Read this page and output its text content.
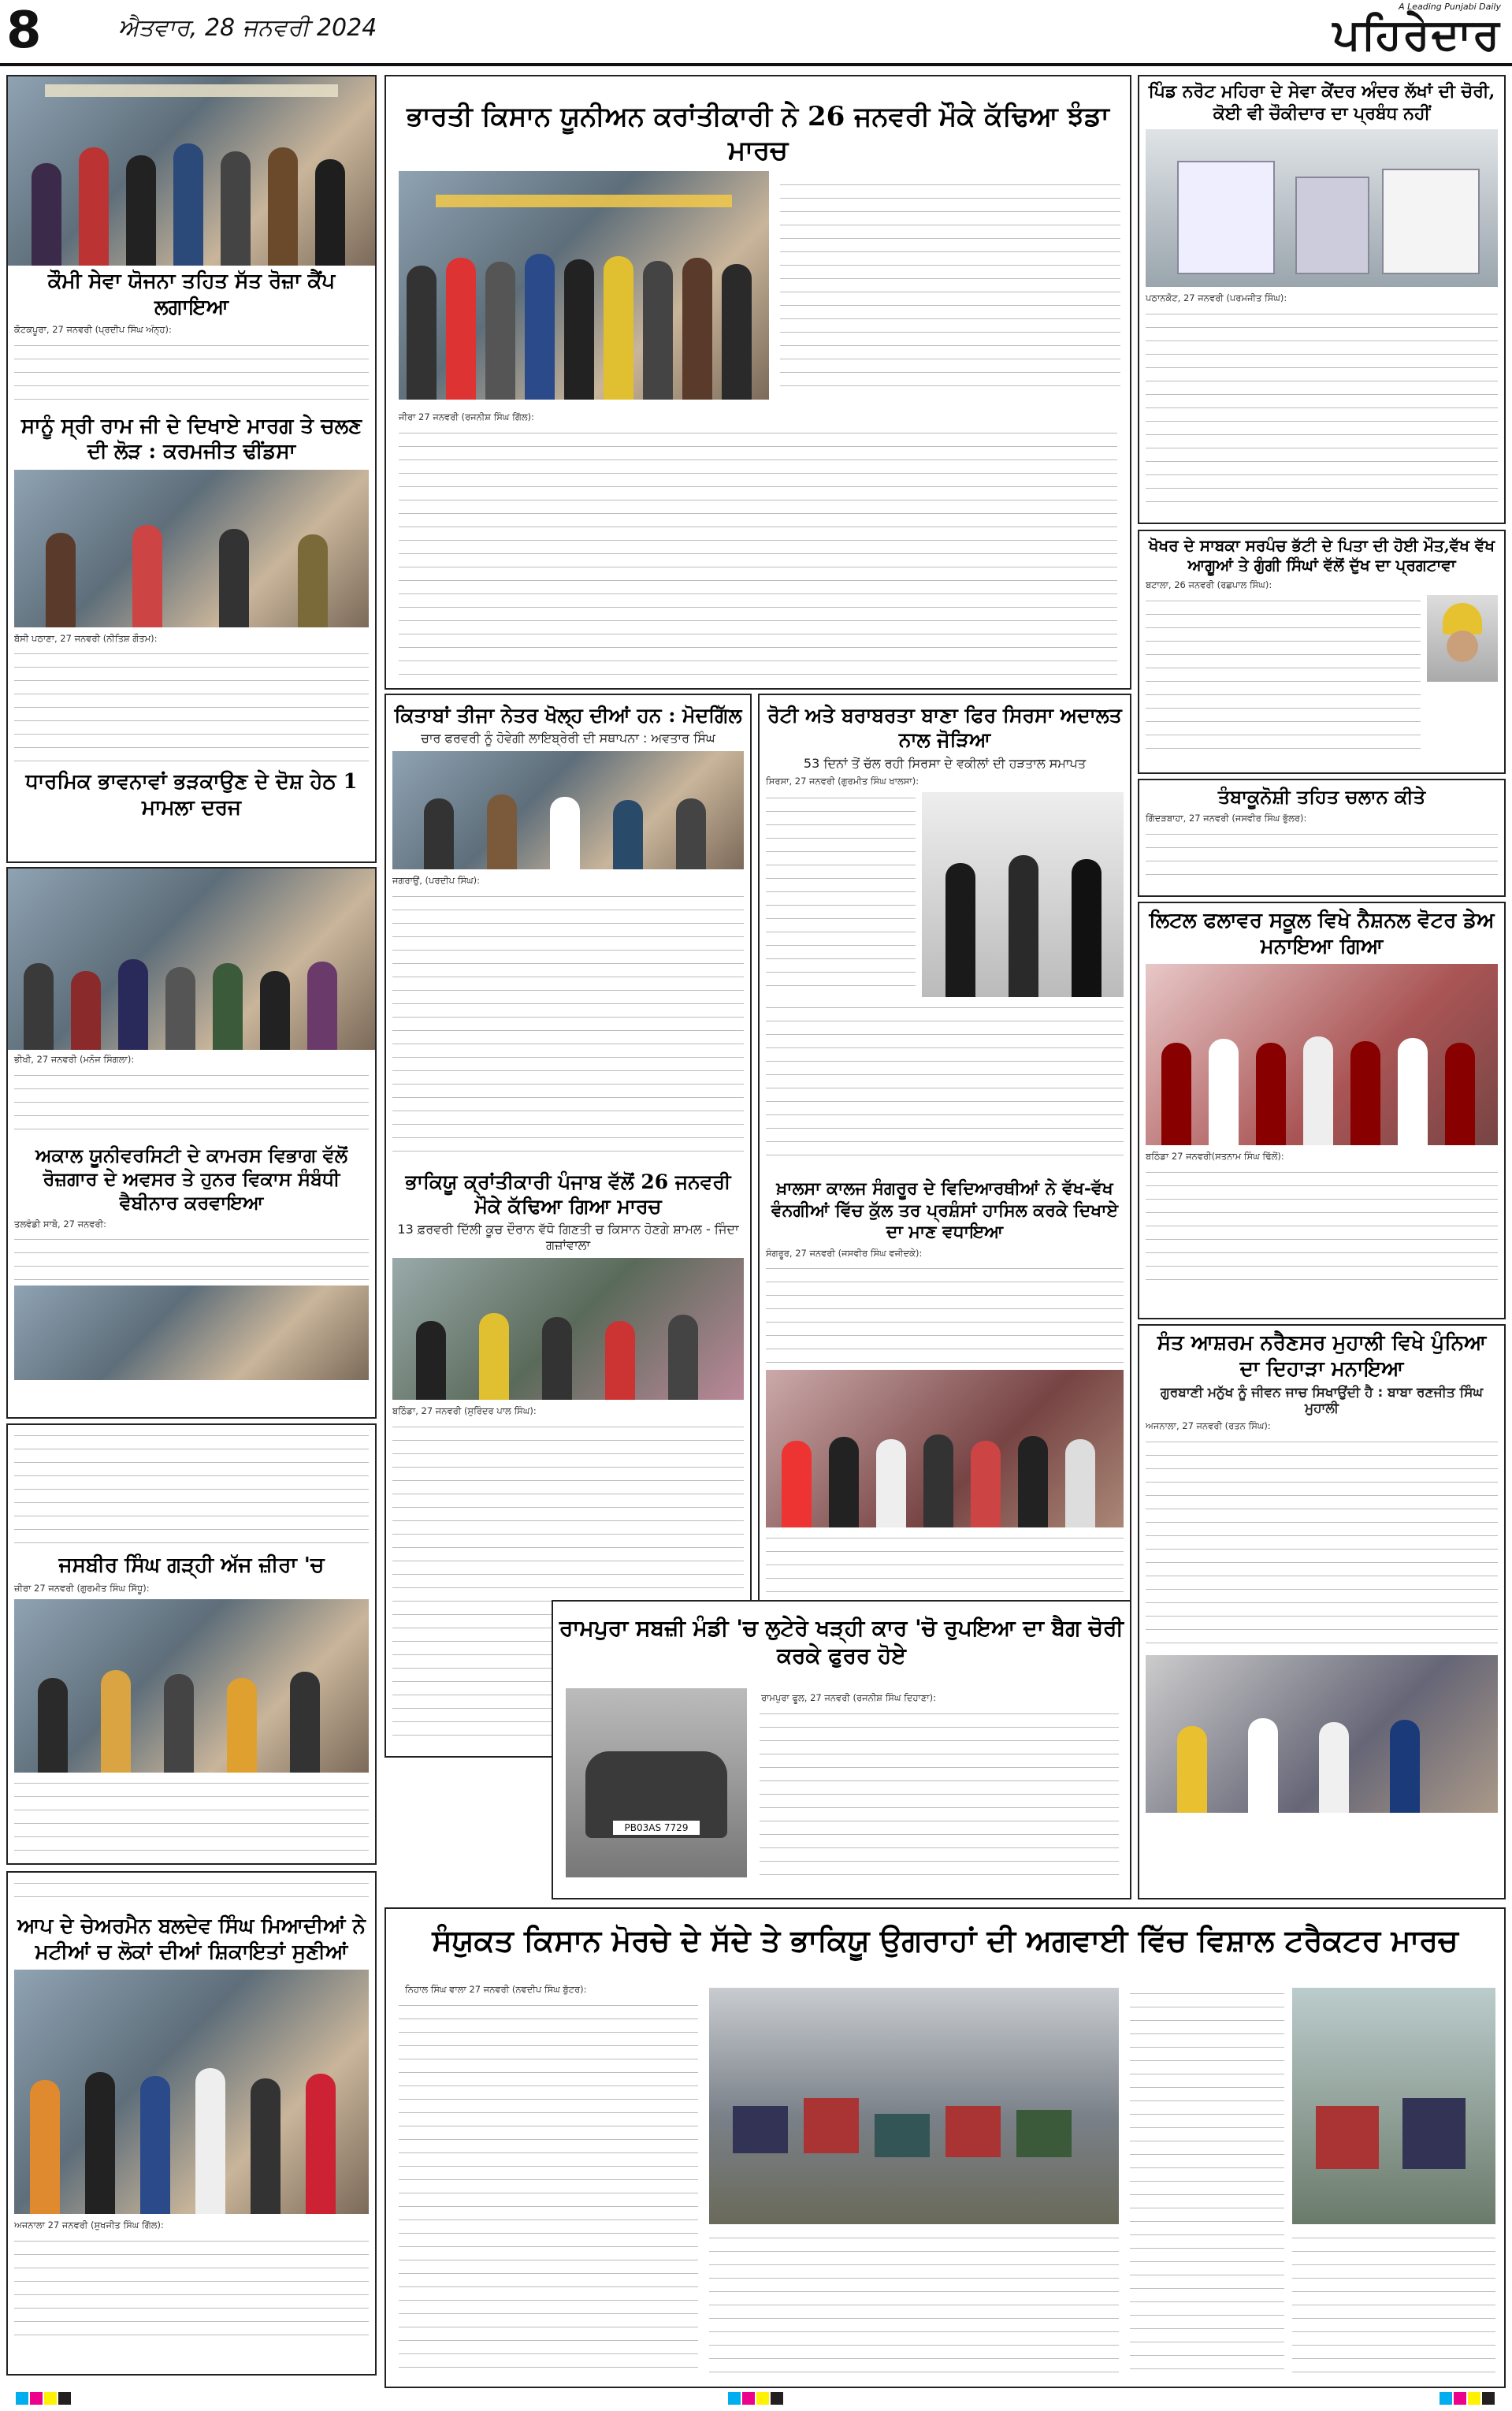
8	ਐਤਵਾਰ, 28 ਜਨਵਰੀ 2024
A Leading Punjabi Daily
ਪਹਿਰੇਦਾਰ
ਕੌਮੀ ਸੇਵਾ ਯੋਜਨਾ ਤਹਿਤ ਸੱਤ ਰੋਜ਼ਾ ਕੈਂਪ ਲਗਾਇਆ
ਕੋਟਕਪੂਰਾ, 27 ਜਨਵਰੀ (ਪ੍ਰਦੀਪ ਸਿੰਘ ਅੰਨ੍ਹ):
ਸਾਨੂੰ ਸ੍ਰੀ ਰਾਮ ਜੀ ਦੇ ਦਿਖਾਏ ਮਾਰਗ ਤੇ ਚਲਣ ਦੀ ਲੋੜ : ਕਰਮਜੀਤ ਢੀਂਡਸਾ
ਬੱਸੀ ਪਠਾਣਾ, 27 ਜਨਵਰੀ (ਨੀਤਿਸ਼ ਗੌਤਮ):
ਧਾਰਮਿਕ ਭਾਵਨਾਵਾਂ ਭੜਕਾਉਣ ਦੇ ਦੋਸ਼ ਹੇਠ 1 ਮਾਮਲਾ ਦਰਜ
ਭੀਖੀ, 27 ਜਨਵਰੀ (ਮਨੋਜ ਸਿੰਗਲਾ):
ਅਕਾਲ ਯੂਨੀਵਰਸਿਟੀ ਦੇ ਕਾਮਰਸ ਵਿਭਾਗ ਵੱਲੋਂ ਰੋਜ਼ਗਾਰ ਦੇ ਅਵਸਰ ਤੇ ਹੁਨਰ ਵਿਕਾਸ ਸੰਬੰਧੀ ਵੈਬੀਨਾਰ ਕਰਵਾਇਆ
ਤਲਵੰਡੀ ਸਾਬੋ, 27 ਜਨਵਰੀ:
ਜਸਬੀਰ ਸਿੰਘ ਗੜ੍ਹੀ ਅੱਜ ਜ਼ੀਰਾ 'ਚ
ਜ਼ੀਰਾ 27 ਜਨਵਰੀ (ਗੁਰਮੀਤ ਸਿੰਘ ਸਿੱਧੂ):
ਆਪ ਦੇ ਚੇਅਰਮੈਨ ਬਲਦੇਵ ਸਿੰਘ ਮਿਆਦੀਆਂ ਨੇ ਮਟੀਆਂ ਚ ਲੋਕਾਂ ਦੀਆਂ ਸ਼ਿਕਾਇਤਾਂ ਸੁਣੀਆਂ
ਅਜਨਾਲਾ 27 ਜਨਵਰੀ (ਸੁਖਜੀਤ ਸਿੰਘ ਗਿੱਲ):
ਭਾਰਤੀ ਕਿਸਾਨ ਯੂਨੀਅਨ ਕਰਾਂਤੀਕਾਰੀ ਨੇ 26 ਜਨਵਰੀ ਮੌਕੇ ਕੱਢਿਆ ਝੰਡਾ ਮਾਰਚ
ਜੀਰਾ 27 ਜਨਵਰੀ (ਰਜਨੀਸ਼ ਸਿੰਘ ਗਿੱਲ):
ਕਿਤਾਬਾਂ ਤੀਜਾ ਨੇਤਰ ਖੋਲ੍ਹ ਦੀਆਂ ਹਨ : ਮੋਦਗਿੱਲ
ਚਾਰ ਫਰਵਰੀ ਨੂੰ ਹੋਵੇਗੀ ਲਾਇਬ੍ਰੇਰੀ ਦੀ ਸਥਾਪਨਾ : ਅਵਤਾਰ ਸਿੰਘ
ਜਗਰਾਉਂ, (ਪਰਦੀਪ ਸਿੰਘ):
ਭਾਕਿਯੂ ਕ੍ਰਾਂਤੀਕਾਰੀ ਪੰਜਾਬ ਵੱਲੋਂ 26 ਜਨਵਰੀ ਮੌਕੇ ਕੱਢਿਆ ਗਿਆ ਮਾਰਚ
13 ਫ਼ਰਵਰੀ ਦਿੱਲੀ ਕੂਚ ਦੌਰਾਨ ਵੱਧੋ ਗਿਣਤੀ ਚ ਕਿਸਾਨ ਹੋਣਗੇ ਸ਼ਾਮਲ - ਜਿੰਦਾ ਗਜ਼ਾਂਵਾਲਾ
ਬਠਿੰਡਾ, 27 ਜਨਵਰੀ (ਸੁਰਿੰਦਰ ਪਾਲ ਸਿੰਘ):
ਰੋਟੀ ਅਤੇ ਬਰਾਬਰਤਾ ਬਾਣਾ ਫਿਰ ਸਿਰਸਾ ਅਦਾਲਤ ਨਾਲ ਜੋੜਿਆ
53 ਦਿਨਾਂ ਤੋਂ ਚੱਲ ਰਹੀ ਸਿਰਸਾ ਦੇ ਵਕੀਲਾਂ ਦੀ ਹੜਤਾਲ ਸਮਾਪਤ
ਸਿਰਸਾ, 27 ਜਨਵਰੀ (ਗੁਰਮੀਤ ਸਿੰਘ ਖਾਲਸਾ):
ਖ਼ਾਲਸਾ ਕਾਲਜ ਸੰਗਰੂਰ ਦੇ ਵਿਦਿਆਰਥੀਆਂ ਨੇ ਵੱਖ-ਵੱਖ ਵੰਨਗੀਆਂ ਵਿੱਚ ਕੁੱਲ ਤਰ ਪ੍ਰਸ਼ੰਸਾਂ ਹਾਸਿਲ ਕਰਕੇ ਦਿਖਾਏ ਦਾ ਮਾਣ ਵਧਾਇਆ
ਸੰਗਰੂਰ, 27 ਜਨਵਰੀ (ਜਸਵੀਰ ਸਿੰਘ ਵਜੀਦਕੇ):
ਰਾਮਪੁਰਾ ਸਬਜ਼ੀ ਮੰਡੀ 'ਚ ਲੁਟੇਰੇ ਖੜ੍ਹੀ ਕਾਰ 'ਚੋ ਰੁਪਇਆ ਦਾ ਬੈਗ ਚੋਰੀ ਕਰਕੇ ਫੁਰਰ ਹੋਏ
PB03AS 7729
ਰਾਮਪੁਰਾ ਫੂਲ, 27 ਜਨਵਰੀ (ਰਜਨੀਸ਼ ਸਿੰਘ ਦਿਹਾਣਾ):
ਪਿੰਡ ਨਰੋਟ ਮਹਿਰਾ ਦੇ ਸੇਵਾ ਕੇਂਦਰ ਅੰਦਰ ਲੱਖਾਂ ਦੀ ਚੋਰੀ, ਕੋਈ ਵੀ ਚੌਕੀਦਾਰ ਦਾ ਪ੍ਰਬੰਧ ਨਹੀਂ
ਪਠਾਨਕੋਟ, 27 ਜਨਵਰੀ (ਪਰਮਜੀਤ ਸਿੰਘ):
ਖੋਖਰ ਦੇ ਸਾਬਕਾ ਸਰਪੰਚ ਭੱਟੀ ਦੇ ਪਿਤਾ ਦੀ ਹੋਈ ਮੌਤ,ਵੱਖ ਵੱਖ ਆਗੂਆਂ ਤੇ ਗੁੰਗੀ ਸਿੰਘਾਂ ਵੱਲੋਂ ਦੁੱਖ ਦਾ ਪ੍ਰਗਟਾਵਾ
ਬਟਾਲਾ, 26 ਜਨਵਰੀ (ਰਛਪਾਲ ਸਿੰਘ):
ਤੰਬਾਕੂਨੋਸ਼ੀ ਤਹਿਤ ਚਲਾਨ ਕੀਤੇ
ਗਿੱਦੜਬਾਹਾ, 27 ਜਨਵਰੀ (ਜਸਵੀਰ ਸਿੰਘ ਭੁੱਲਰ):
ਲਿਟਲ ਫਲਾਵਰ ਸਕੂਲ ਵਿਖੇ ਨੈਸ਼ਨਲ ਵੋਟਰ ਡੇਅ ਮਨਾਇਆ ਗਿਆ
ਬਠਿੰਡਾ 27 ਜਨਵਰੀ(ਸਤਨਾਮ ਸਿੰਘ ਢਿੱਲੋਂ):
ਸੰਤ ਆਸ਼ਰਮ ਨਰੈਣਸਰ ਮੁਹਾਲੀ ਵਿਖੇ ਪੁੰਨਿਆ ਦਾ ਦਿਹਾੜਾ ਮਨਾਇਆ
ਗੁਰਬਾਣੀ ਮਨੁੱਖ ਨੂੰ ਜੀਵਨ ਜਾਚ ਸਿਖਾਉਂਦੀ ਹੈ : ਬਾਬਾ ਰਣਜੀਤ ਸਿੰਘ ਮੁਹਾਲੀ
ਅਜਨਾਲਾ, 27 ਜਨਵਰੀ (ਰਤਨ ਸਿੰਘ):
ਸੰਯੁਕਤ ਕਿਸਾਨ ਮੋਰਚੇ ਦੇ ਸੱਦੇ ਤੇ ਭਾਕਿਯੂ ਉਗਰਾਹਾਂ ਦੀ ਅਗਵਾਈ ਵਿੱਚ ਵਿਸ਼ਾਲ ਟਰੈਕਟਰ ਮਾਰਚ
ਨਿਹਾਲ ਸਿੰਘ ਵਾਲਾ 27 ਜਨਵਰੀ (ਨਵਦੀਪ ਸਿੰਘ ਬੁੱਟਰ):
